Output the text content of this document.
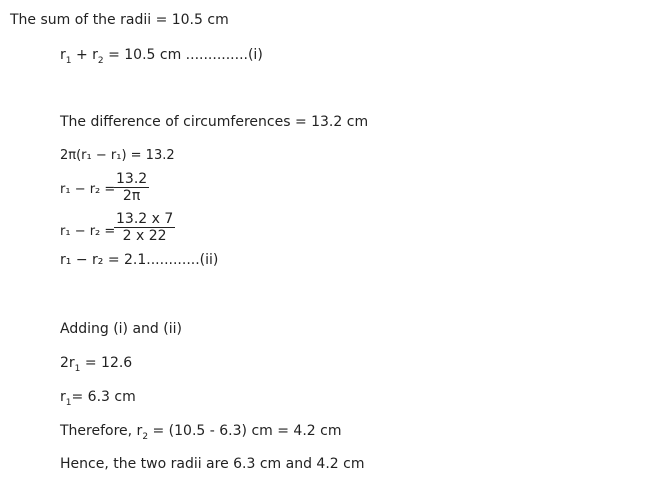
The sum of the radii = 10.5 cm
$r_1 + r_2 = 10.5$ cm ..............(i)
The difference of circumferences = 13.2 cm
2π(r₁ − r₁) = 13.2
r₁ − r₂ =
$\frac{13.2}{2\pi}$
r₁ − r₂ =
$\frac{13.2 x 7}{2 x 22}$
r₁ − r₂ = 2.1............(ii)
Adding (i) and (ii)
$2r_1 = 12.6$
$r_1= 6.3$ cm
Therefore, $r_2 = (10.5 - 6.3)$ cm = 4.2 cm
Hence, the two radii are 6.3 cm and 4.2 cm
